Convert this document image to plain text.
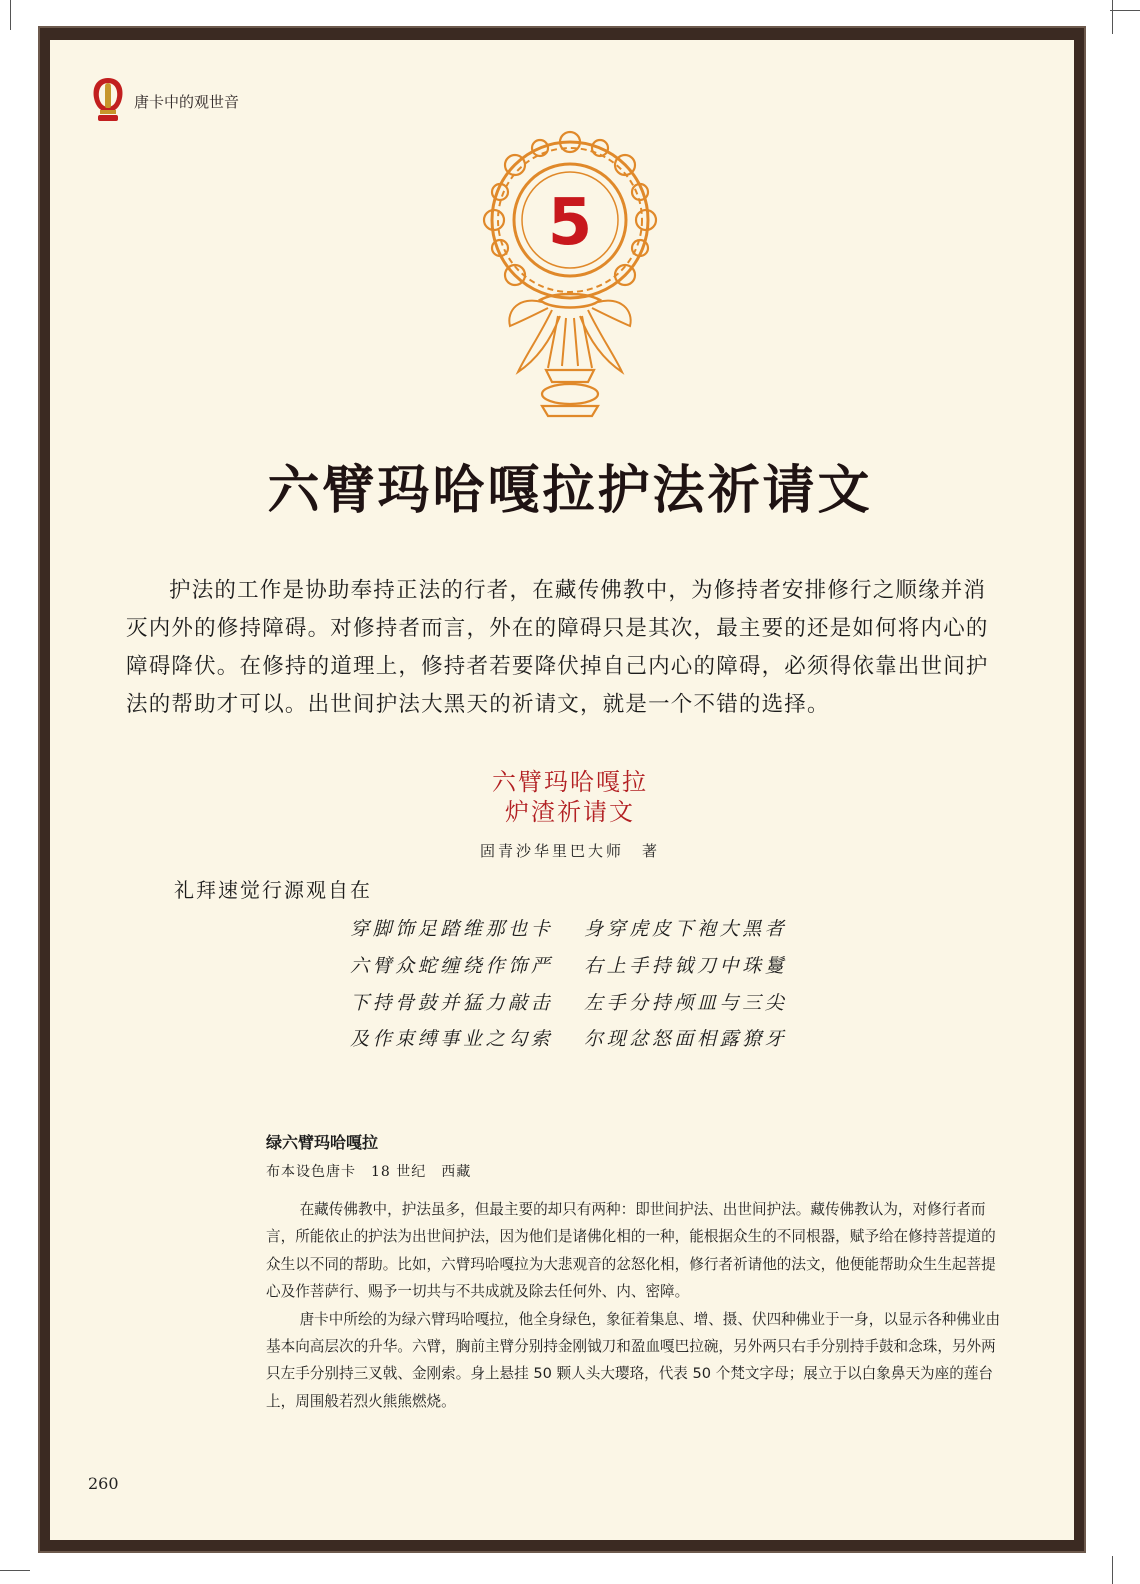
唐卡中的观世音
5
六臂玛哈嘎拉护法祈请文
护法的工作是协助奉持正法的行者，在藏传佛教中，为修持者安排修行之顺缘并消
灭内外的修持障碍。对修持者而言，外在的障碍只是其次，最主要的还是如何将内心的
障碍降伏。在修持的道理上，修持者若要降伏掉自己内心的障碍，必须得依靠出世间护
法的帮助才可以。出世间护法大黑天的祈请文，就是一个不错的选择。
六臂玛哈嘎拉
炉渣祈请文
固青沙华里巴大师　著
礼拜速觉行源观自在
穿脚饰足踏维那也卡 身穿虎皮下袍大黑者
六臂众蛇缠绕作饰严 右上手持钺刀中珠鬘
下持骨鼓并猛力敲击 左手分持颅皿与三尖
及作束缚事业之勾索 尔现忿怒面相露獠牙
绿六臂玛哈嘎拉
布本设色唐卡　18 世纪　西藏

在藏传佛教中，护法虽多，但最主要的却只有两种：即世间护法、出世间护法。藏传佛教认为，对修行者而言，所能依止的护法为出世间护法，因为他们是诸佛化相的一种，能根据众生的不同根器，赋予给在修持菩提道的众生以不同的帮助。比如，六臂玛哈嘎拉为大悲观音的忿怒化相，修行者祈请他的法文，他便能帮助众生生起菩提心及作菩萨行、赐予一切共与不共成就及除去任何外、内、密障。

唐卡中所绘的为绿六臂玛哈嘎拉，他全身绿色，象征着集息、增、摄、伏四种佛业于一身，以显示各种佛业由基本向高层次的升华。六臂，胸前主臂分别持金刚钺刀和盈血嘎巴拉碗，另外两只右手分别持手鼓和念珠，另外两只左手分别持三叉戟、金刚索。身上悬挂 50 颗人头大璎珞，代表 50 个梵文字母；展立于以白象鼻天为座的莲台上，周围般若烈火熊熊燃烧。

260
